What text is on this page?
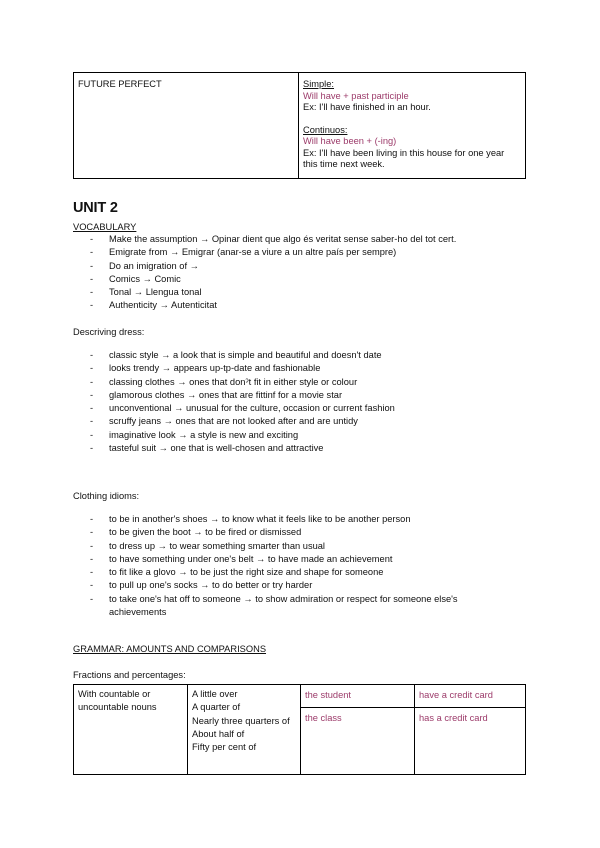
FUTURE PERFECT	Simple:
Will have + past participle
Ex: I'll have finished in an hour.
Continuos:
Will have been + (-ing)
Ex: I'll have been living in this house for one year this time next week.
UNIT 2
VOCABULARY
- Make the assumption → Opinar dient que algo és veritat sense saber-ho del tot cert.
- Emigrate from → Emigrar (anar-se a viure a un altre país per sempre)
- Do an imigration of →
- Comics → Comic
- Tonal → Llengua tonal
- Authenticity → Autenticitat
Descriving dress:
- classic style → a look that is simple and beautiful and doesn't date
- looks trendy → appears up-tp-date and fashionable
- classing clothes → ones that donˀt fit in either style or colour
- glamorous clothes → ones that are fittinf for a movie star
- unconventional → unusual for the culture, occasion or current fashion
- scruffy jeans → ones that are not looked after and are untidy
- imaginative look → a style is new and exciting
- tasteful suit → one that is well-chosen and attractive
Clothing idioms:
- to be in another's shoes → to know what it feels like to be another person
- to be given the boot → to be fired or dismissed
- to dress up → to wear something smarter than usual
- to have something under one's belt → to have made an achievement
- to fit like a glovo → to be just the right size and shape for someone
- to pull up one's socks → to do better or try harder
- to take one's hat off to someone → to show admiration or respect for someone else's achievements
GRAMMAR: AMOUNTS AND COMPARISONS
Fractions and percentages:
With countable or uncountable nouns	A little over
A quarter of
Nearly three quarters of
About half of
Fifty per cent of	the student	have a credit card
		the class	has a credit card
